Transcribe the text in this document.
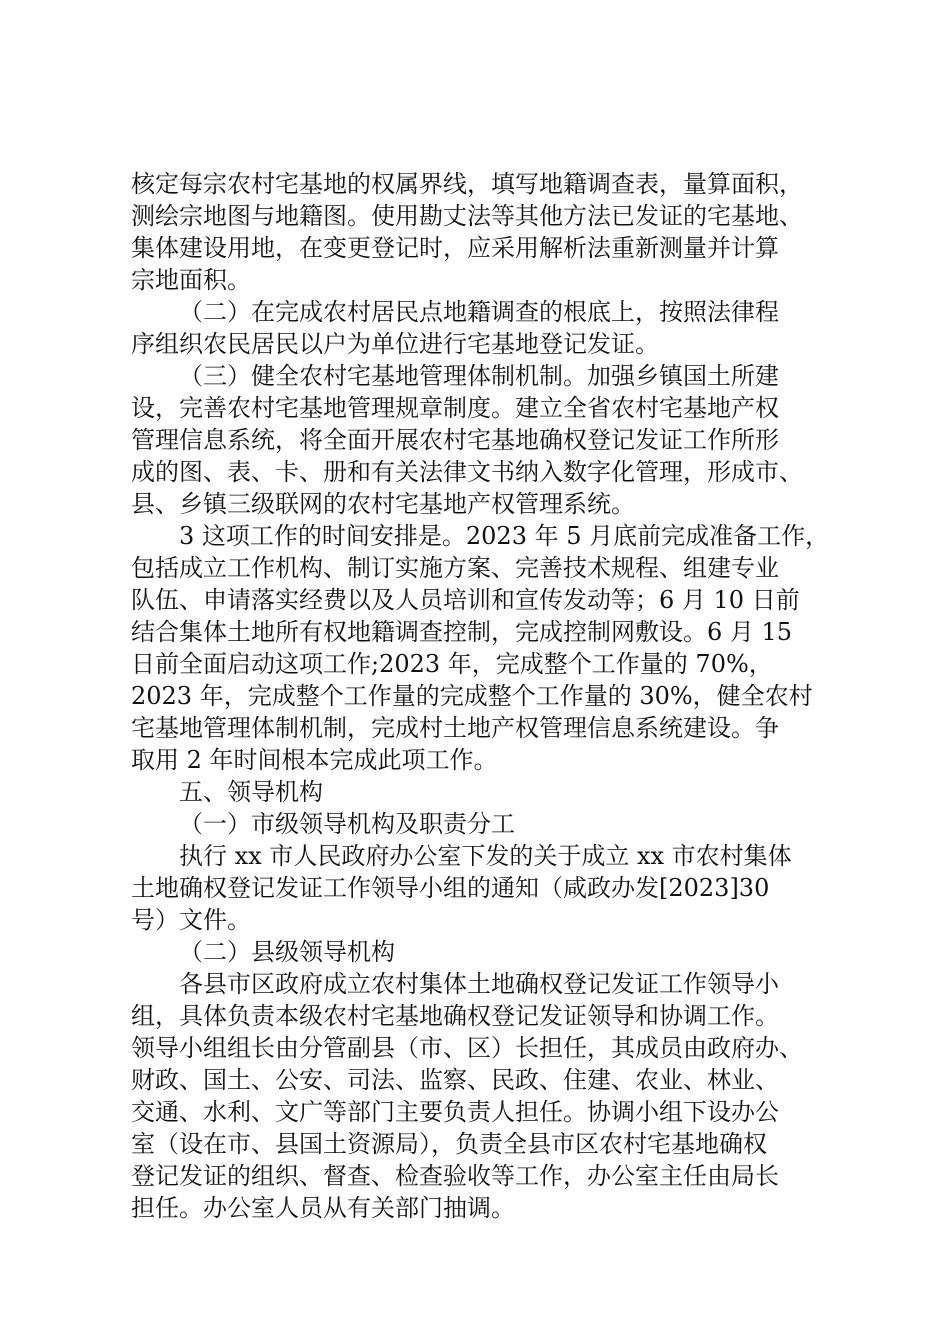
核定每宗农村宅基地的权属界线，填写地籍调查表，量算面积，
测绘宗地图与地籍图。使用勘丈法等其他方法已发证的宅基地、
集体建设用地，在变更登记时，应采用解析法重新测量并计算
宗地面积。

（二）在完成农村居民点地籍调查的根底上，按照法律程
序组织农民居民以户为单位进行宅基地登记发证。

（三）健全农村宅基地管理体制机制。加强乡镇国土所建
设，完善农村宅基地管理规章制度。建立全省农村宅基地产权
管理信息系统，将全面开展农村宅基地确权登记发证工作所形
成的图、表、卡、册和有关法律文书纳入数字化管理，形成市、
县、乡镇三级联网的农村宅基地产权管理系统。

3 这项工作的时间安排是。2023 年 5 月底前完成准备工作，
包括成立工作机构、制订实施方案、完善技术规程、组建专业
队伍、申请落实经费以及人员培训和宣传发动等；6 月 10 日前
结合集体土地所有权地籍调查控制，完成控制网敷设。6 月 15
日前全面启动这项工作;2023 年，完成整个工作量的 70%，
2023 年，完成整个工作量的完成整个工作量的 30%，健全农村
宅基地管理体制机制，完成村土地产权管理信息系统建设。争
取用 2 年时间根本完成此项工作。

五、领导机构

（一）市级领导机构及职责分工

执行 xx 市人民政府办公室下发的关于成立 xx 市农村集体
土地确权登记发证工作领导小组的通知（咸政办发[2023]30
号）文件。

（二）县级领导机构

各县市区政府成立农村集体土地确权登记发证工作领导小
组，具体负责本级农村宅基地确权登记发证领导和协调工作。
领导小组组长由分管副县（市、区）长担任，其成员由政府办、
财政、国土、公安、司法、监察、民政、住建、农业、林业、
交通、水利、文广等部门主要负责人担任。协调小组下设办公
室（设在市、县国土资源局），负责全县市区农村宅基地确权
登记发证的组织、督查、检查验收等工作，办公室主任由局长
担任。办公室人员从有关部门抽调。
